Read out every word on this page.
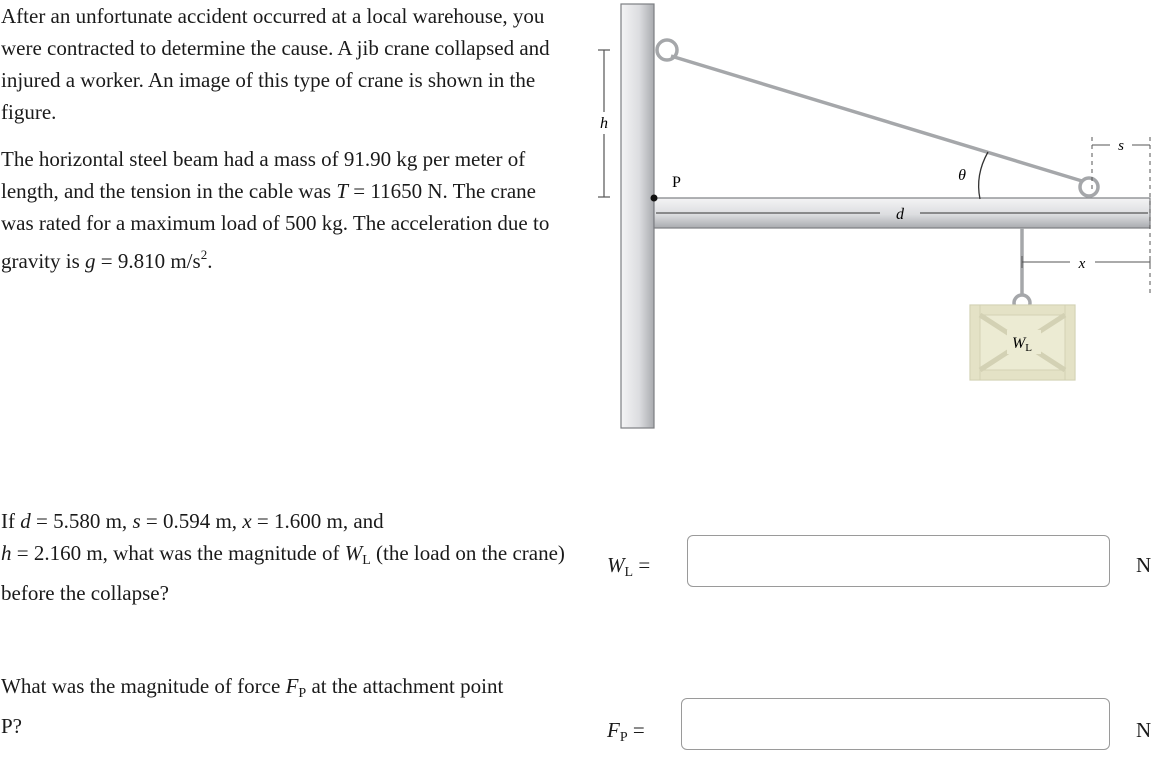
After an unfortunate accident occurred at a local warehouse, you were contracted to determine the cause. A jib crane collapsed and injured a worker. An image of this type of crane is shown in the figure.

The horizontal steel beam had a mass of 91.90 kg per meter of length, and the tension in the cable was T = 11650 N. The crane was rated for a maximum load of 500 kg. The acceleration due to gravity is g = 9.810 $m/s^2$.

h
P	θ
d
s
x
WL

If d = 5.580 m, s = 0.594 m, x = 1.600 m, and
h = 2.160 m, what was the magnitude of $W_L$ (the load on the crane) before the collapse?

$W_L$ =	N

What was the magnitude of force $F_P$ at the attachment point P?	$F_P$ =	N
